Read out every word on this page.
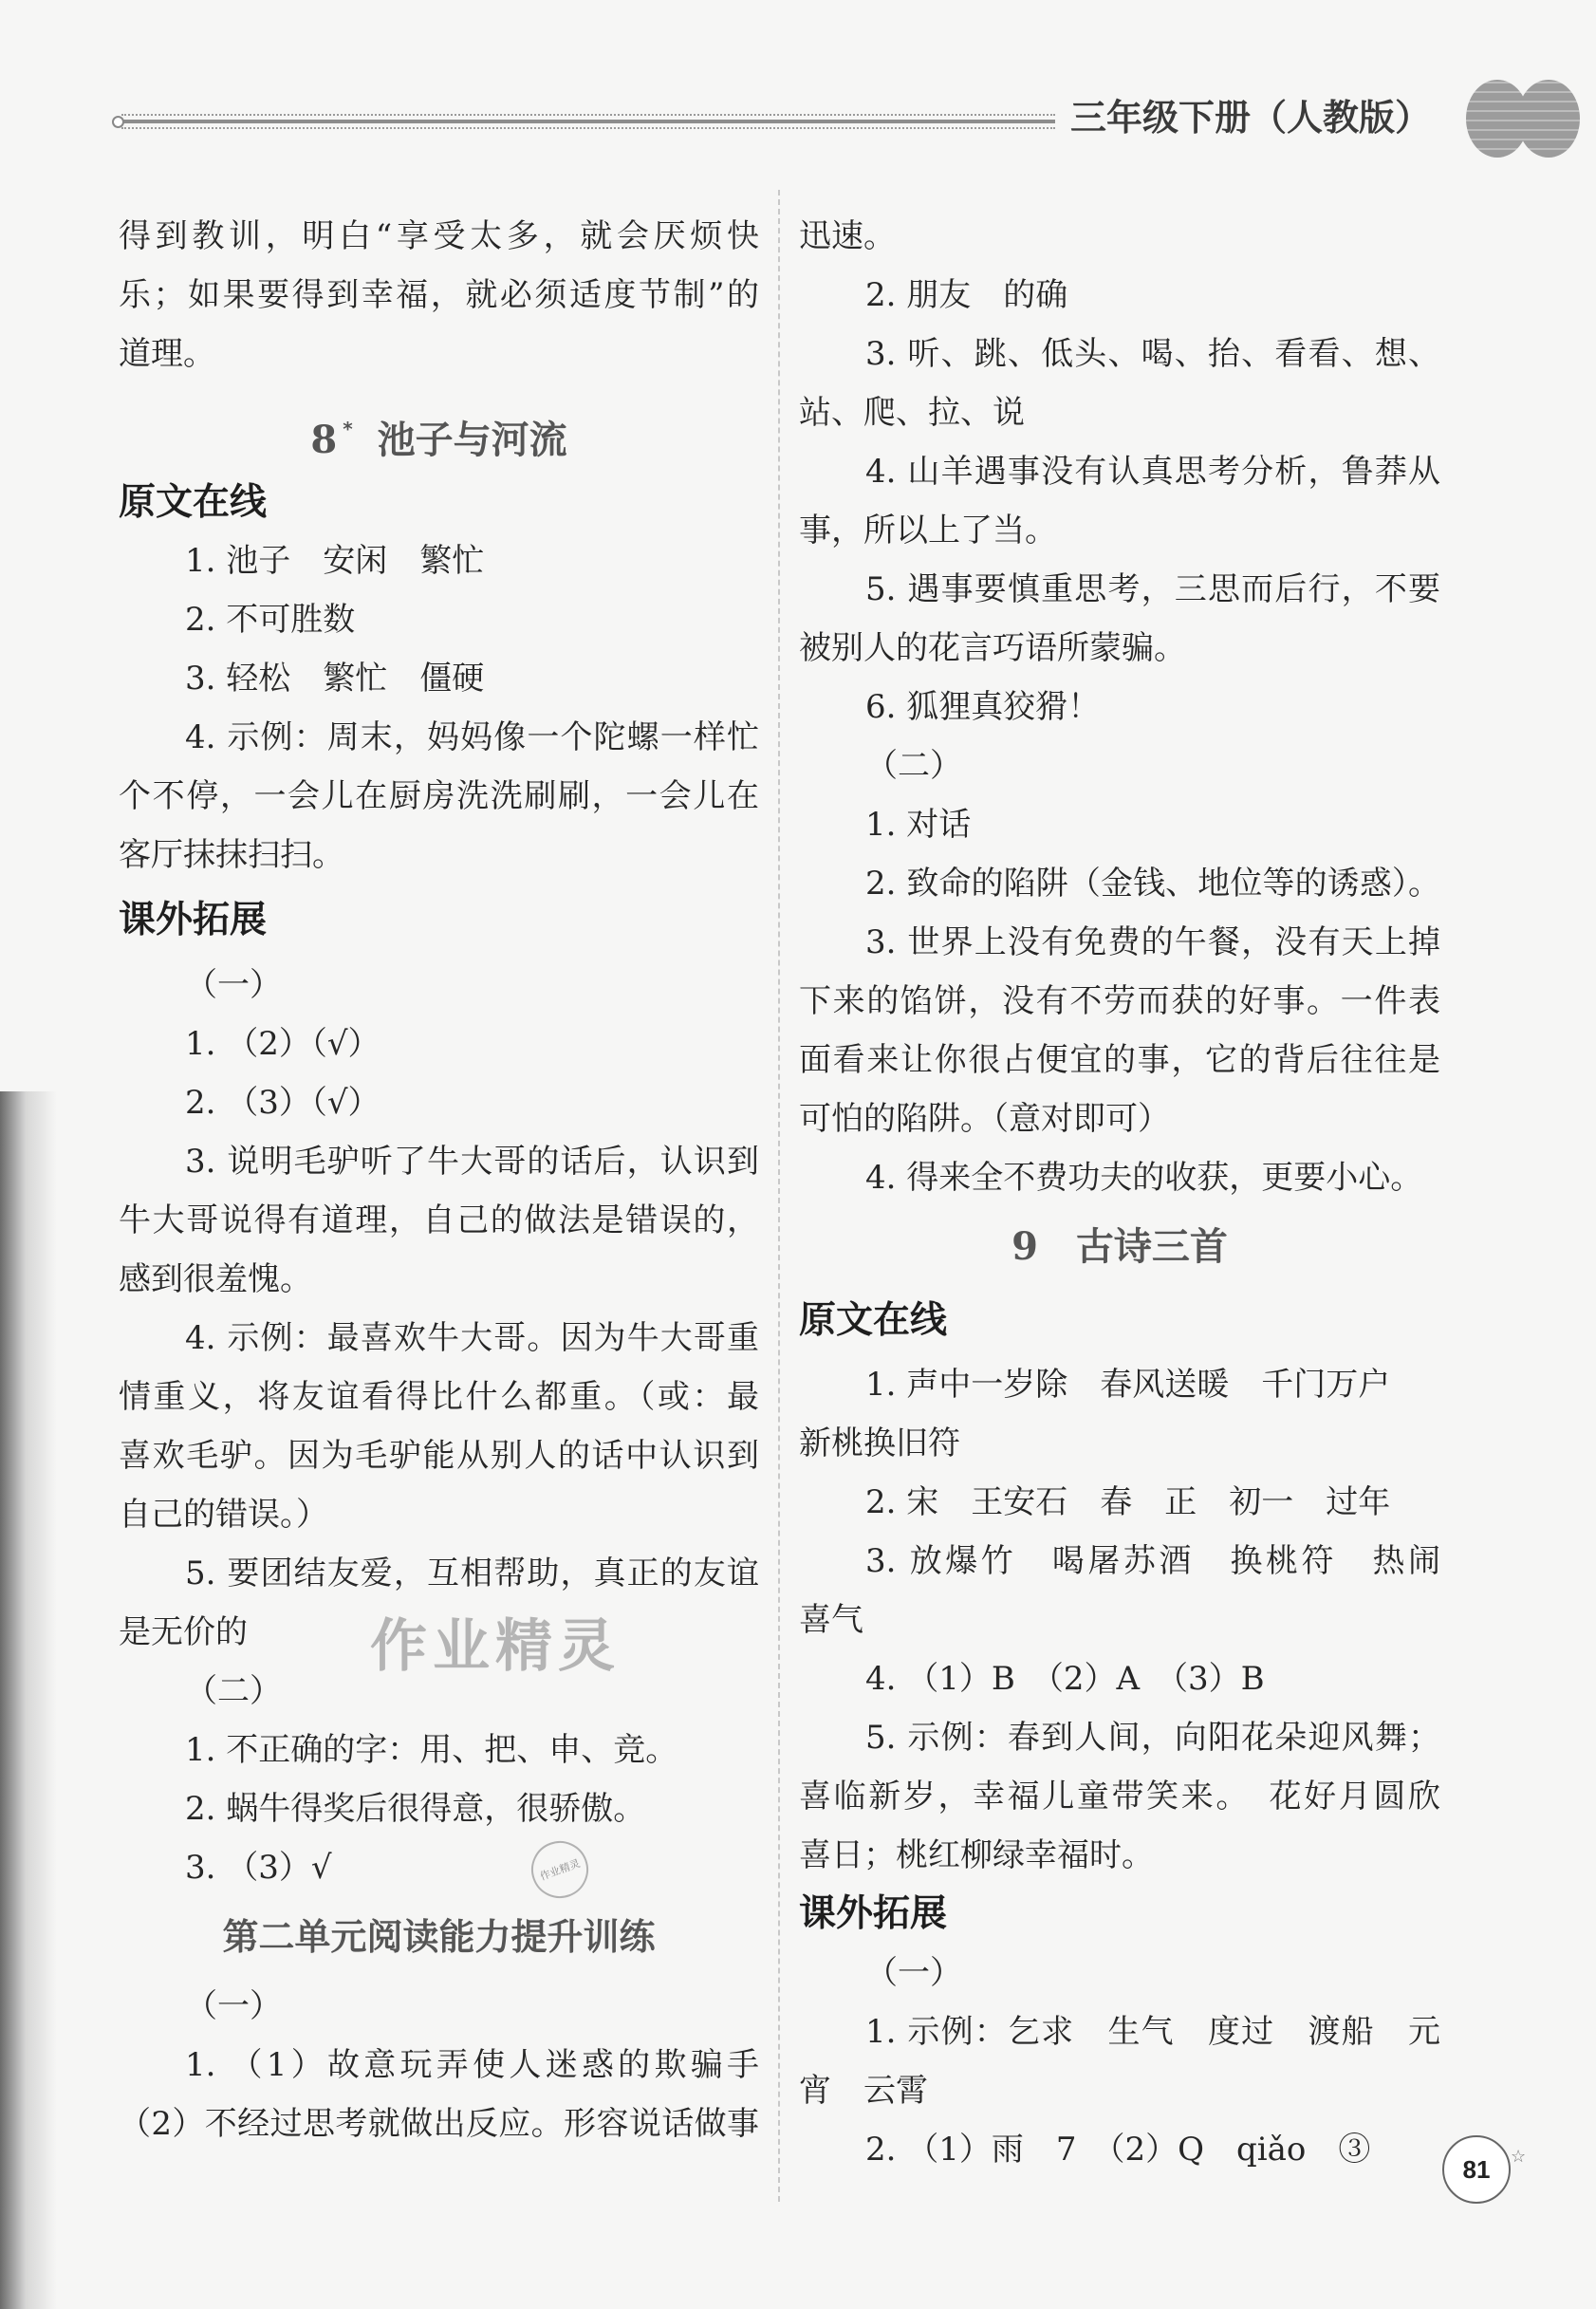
三年级下册（人教版）
得到教训，明白“享受太多，就会厌烦快
乐；如果要得到幸福，就必须适度节制”的
道理。
8 * 池子与河流
原文在线
1. 池子　安闲　繁忙
2. 不可胜数
3. 轻松　繁忙　僵硬
4. 示例：周末，妈妈像一个陀螺一样忙
个不停，一会儿在厨房洗洗刷刷，一会儿在
客厅抹抹扫扫。
课外拓展
（一）
1. （2）（√）
2. （3）（√）
3. 说明毛驴听了牛大哥的话后，认识到
牛大哥说得有道理，自己的做法是错误的，
感到很羞愧。
4. 示例：最喜欢牛大哥。因为牛大哥重
情重义，将友谊看得比什么都重。（或：最
喜欢毛驴。因为毛驴能从别人的话中认识到
自己的错误。）
5. 要团结友爱，互相帮助，真正的友谊
是无价的
（二）
1. 不正确的字：用、把、申、竞。
2. 蜗牛得奖后很得意，很骄傲。
3. （3）√
第二单元阅读能力提升训练
（一）
1. （1）故意玩弄使人迷惑的欺骗手
（2）不经过思考就做出反应。形容说话做事
迅速。
2. 朋友　的确
3. 听、跳、低头、喝、抬、看看、想、
站、爬、拉、说
4. 山羊遇事没有认真思考分析，鲁莽从
事，所以上了当。
5. 遇事要慎重思考，三思而后行，不要
被别人的花言巧语所蒙骗。
6. 狐狸真狡猾！
（二）
1. 对话
2. 致命的陷阱（金钱、地位等的诱惑）。
3. 世界上没有免费的午餐，没有天上掉
下来的馅饼，没有不劳而获的好事。一件表
面看来让你很占便宜的事，它的背后往往是
可怕的陷阱。（意对即可）
4. 得来全不费功夫的收获，更要小心。
9 古诗三首
原文在线
1. 声中一岁除　春风送暖　千门万户
新桃换旧符
2. 宋　王安石　春　正　初一　过年
3. 放爆竹　喝屠苏酒　换桃符　热闹
喜气
4. （1）B　（2）A　（3）B
5. 示例：春到人间，向阳花朵迎风舞；
喜临新岁，幸福儿童带笑来。　花好月圆欣
喜日；桃红柳绿幸福时。
课外拓展
（一）
1. 示例：乞求　生气　度过　渡船　元
宵　云霄
2. （1）雨　7　（2）Q　qiǎo　③
作业精灵
作业精灵
81	☆
